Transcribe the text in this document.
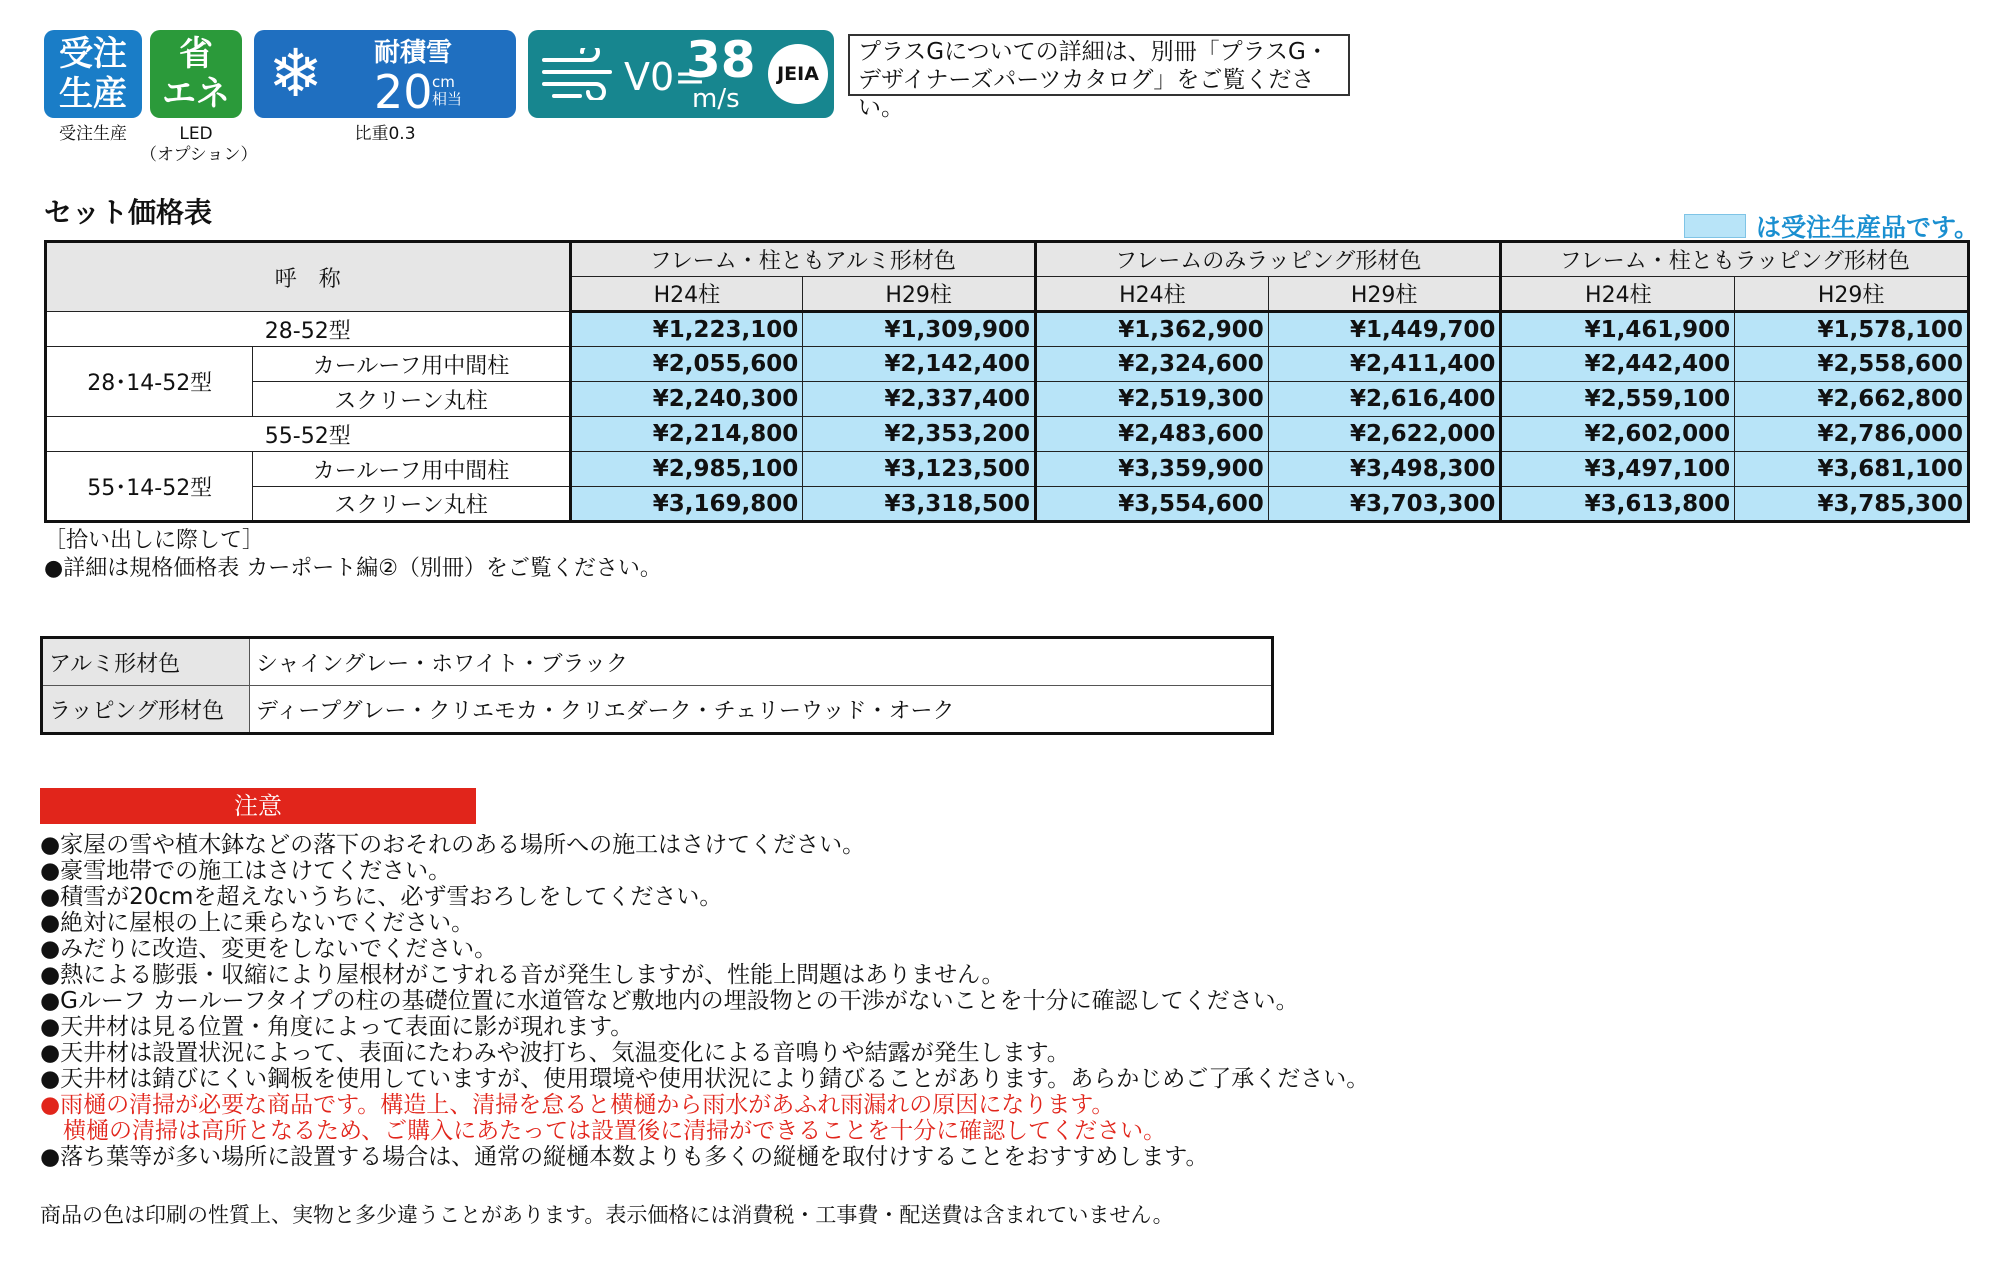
受注
生産
受注生産
省
エネ
LED
（オプション）
❄ 耐積雪
20 cm
相当
比重0.3
V0=
38
m/s
JEIA
プラスGについての詳細は、別冊「プラスG・
デザイナーズパーツカタログ」をご覧ください。
セット価格表	は受注生産品です。
呼　称		フレーム・柱ともアルミ形材色		フレームのみラッピング形材色		フレーム・柱ともラッピング形材色	
		H24柱	H29柱	H24柱	H29柱	H24柱	H29柱
28-52型		¥1,223,100	¥1,309,900	¥1,362,900	¥1,449,700	¥1,461,900	¥1,578,100
28･14-52型	カールーフ用中間柱	¥2,055,600	¥2,142,400	¥2,324,600	¥2,411,400	¥2,442,400	¥2,558,600
	スクリーン丸柱	¥2,240,300	¥2,337,400	¥2,519,300	¥2,616,400	¥2,559,100	¥2,662,800
55-52型		¥2,214,800	¥2,353,200	¥2,483,600	¥2,622,000	¥2,602,000	¥2,786,000
55･14-52型	カールーフ用中間柱	¥2,985,100	¥3,123,500	¥3,359,900	¥3,498,300	¥3,497,100	¥3,681,100
	スクリーン丸柱	¥3,169,800	¥3,318,500	¥3,554,600	¥3,703,300	¥3,613,800	¥3,785,300
［拾い出しに際して］
●詳細は規格価格表 カーポート編②（別冊）をご覧ください。
アルミ形材色	シャイングレー・ホワイト・ブラック
ラッピング形材色	ディープグレー・クリエモカ・クリエダーク・チェリーウッド・オーク
注意
●家屋の雪や植木鉢などの落下のおそれのある場所への施工はさけてください。
●豪雪地帯での施工はさけてください。
●積雪が20cmを超えないうちに、必ず雪おろしをしてください。
●絶対に屋根の上に乗らないでください。
●みだりに改造、変更をしないでください。
●熱による膨張・収縮により屋根材がこすれる音が発生しますが、性能上問題はありません。
●Gルーフ カールーフタイプの柱の基礎位置に水道管など敷地内の埋設物との干渉がないことを十分に確認してください。
●天井材は見る位置・角度によって表面に影が現れます。
●天井材は設置状況によって、表面にたわみや波打ち、気温変化による音鳴りや結露が発生します。
●天井材は錆びにくい鋼板を使用していますが、使用環境や使用状況により錆びることがあります。あらかじめご了承ください。
●雨樋の清掃が必要な商品です。構造上、清掃を怠ると横樋から雨水があふれ雨漏れの原因になります。
　横樋の清掃は高所となるため、ご購入にあたっては設置後に清掃ができることを十分に確認してください。
●落ち葉等が多い場所に設置する場合は、通常の縦樋本数よりも多くの縦樋を取付けすることをおすすめします。
商品の色は印刷の性質上、実物と多少違うことがあります。表示価格には消費税・工事費・配送費は含まれていません。
